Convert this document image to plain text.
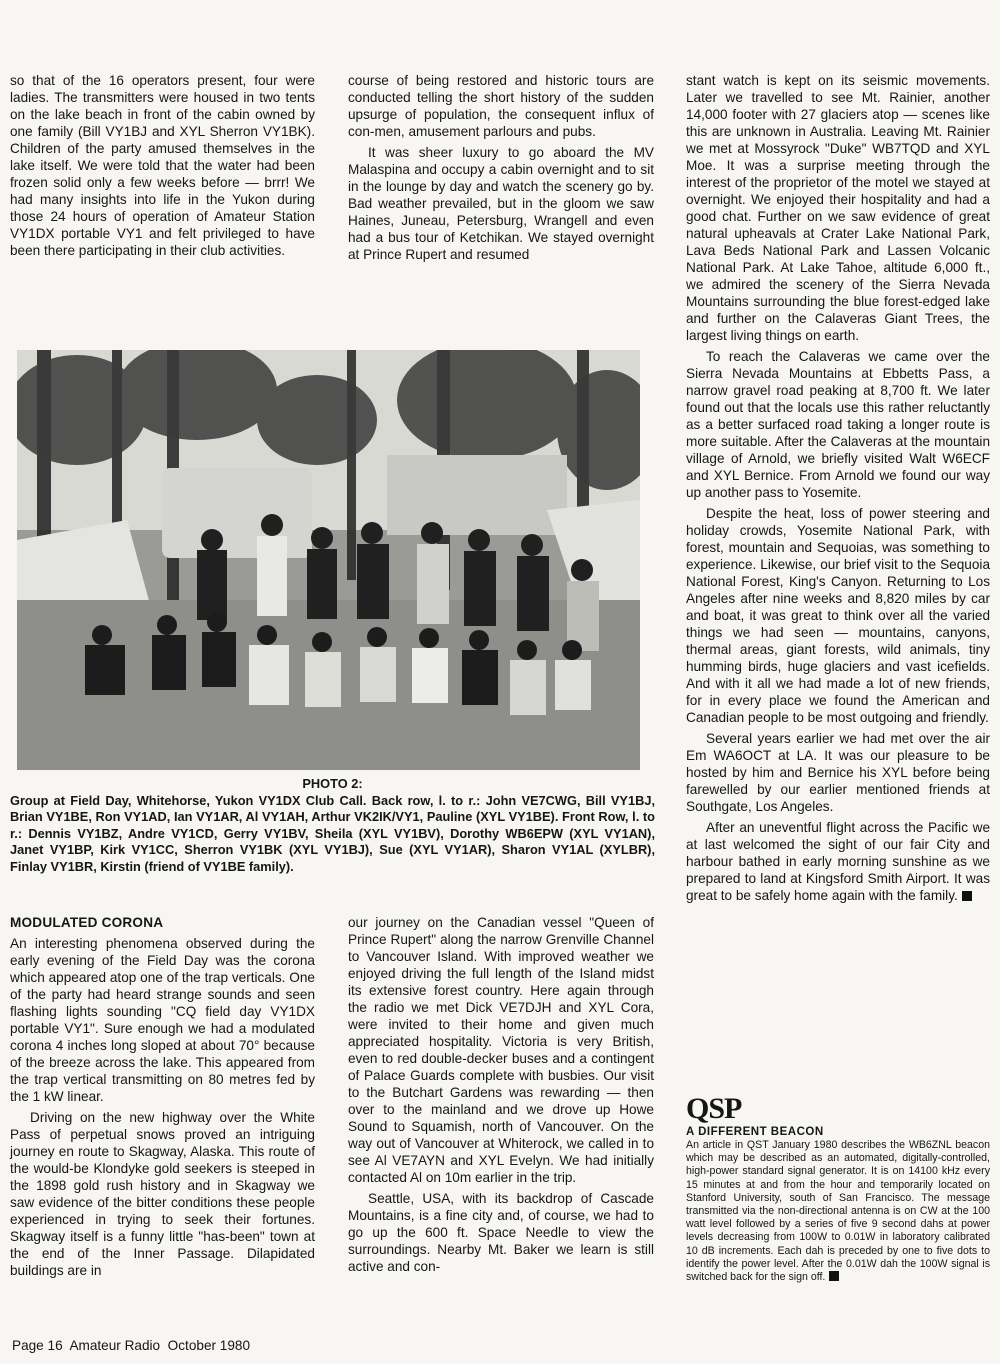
so that of the 16 operators present, four were ladies. The transmitters were housed in two tents on the lake beach in front of the cabin owned by one family (Bill VY1BJ and XYL Sherron VY1BK). Children of the party amused themselves in the lake itself. We were told that the water had been frozen solid only a few weeks before — brrr! We had many insights into life in the Yukon during those 24 hours of operation of Amateur Station VY1DX portable VY1 and felt privileged to have been there participating in their club activities.

course of being restored and historic tours are conducted telling the short history of the sudden upsurge of population, the consequent influx of con-men, amusement parlours and pubs.

It was sheer luxury to go aboard the MV Malaspina and occupy a cabin overnight and to sit in the lounge by day and watch the scenery go by. Bad weather prevailed, but in the gloom we saw Haines, Juneau, Petersburg, Wrangell and even had a bus tour of Ketchikan. We stayed overnight at Prince Rupert and resumed

stant watch is kept on its seismic movements. Later we travelled to see Mt. Rainier, another 14,000 footer with 27 glaciers atop — scenes like this are unknown in Australia. Leaving Mt. Rainier we met at Mossyrock "Duke" WB7TQD and XYL Moe. It was a surprise meeting through the interest of the proprietor of the motel we stayed at overnight. We enjoyed their hospitality and had a good chat. Further on we saw evidence of great natural upheavals at Crater Lake National Park, Lava Beds National Park and Lassen Volcanic National Park. At Lake Tahoe, altitude 6,000 ft., we admired the scenery of the Sierra Nevada Mountains surrounding the blue forest-edged lake and further on the Calaveras Giant Trees, the largest living things on earth.

To reach the Calaveras we came over the Sierra Nevada Mountains at Ebbetts Pass, a narrow gravel road peaking at 8,700 ft. We later found out that the locals use this rather reluctantly as a better surfaced road taking a longer route is more suitable. After the Calaveras at the mountain village of Arnold, we briefly visited Walt W6ECF and XYL Bernice. From Arnold we found our way up another pass to Yosemite.

Despite the heat, loss of power steering and holiday crowds, Yosemite National Park, with forest, mountain and Sequoias, was something to experience. Likewise, our brief visit to the Sequoia National Forest, King's Canyon. Returning to Los Angeles after nine weeks and 8,820 miles by car and boat, it was great to think over all the varied things we had seen — mountains, canyons, thermal areas, giant forests, wild animals, tiny humming birds, huge glaciers and vast icefields. And with it all we had made a lot of new friends, for in every place we found the American and Canadian people to be most outgoing and friendly.

Several years earlier we had met over the air Em WA6OCT at LA. It was our pleasure to be hosted by him and Bernice his XYL before being farewelled by our earlier mentioned friends at Southgate, Los Angeles.

After an uneventful flight across the Pacific we at last welcomed the sight of our fair City and harbour bathed in early morning sunshine as we prepared to land at Kingsford Smith Airport. It was great to be safely home again with the family.

PHOTO 2:
Group at Field Day, Whitehorse, Yukon VY1DX Club Call. Back row, l. to r.: John VE7CWG, Bill VY1BJ, Brian VY1BE, Ron VY1AD, Ian VY1AR, Al VY1AH, Arthur VK2IK/VY1, Pauline (XYL VY1BE). Front Row, l. to r.: Dennis VY1BZ, Andre VY1CD, Gerry VY1BV, Sheila (XYL VY1BV), Dorothy WB6EPW (XYL VY1AN), Janet VY1BP, Kirk VY1CC, Sherron VY1BK (XYL VY1BJ), Sue (XYL VY1AR), Sharon VY1AL (XYLBR), Finlay VY1BR, Kirstin (friend of VY1BE family).

MODULATED CORONA

An interesting phenomena observed during the early evening of the Field Day was the corona which appeared atop one of the trap verticals. One of the party had heard strange sounds and seen flashing lights sounding "CQ field day VY1DX portable VY1". Sure enough we had a modulated corona 4 inches long sloped at about 70° because of the breeze across the lake. This appeared from the trap vertical transmitting on 80 metres fed by the 1 kW linear.

Driving on the new highway over the White Pass of perpetual snows proved an intriguing journey en route to Skagway, Alaska. This route of the would-be Klondyke gold seekers is steeped in the 1898 gold rush history and in Skagway we saw evidence of the bitter conditions these people experienced in trying to seek their fortunes. Skagway itself is a funny little "has-been" town at the end of the Inner Passage. Dilapidated buildings are in

our journey on the Canadian vessel "Queen of Prince Rupert" along the narrow Grenville Channel to Vancouver Island. With improved weather we enjoyed driving the full length of the Island midst its extensive forest country. Here again through the radio we met Dick VE7DJH and XYL Cora, were invited to their home and given much appreciated hospitality. Victoria is very British, even to red double-decker buses and a contingent of Palace Guards complete with busbies. Our visit to the Butchart Gardens was rewarding — then over to the mainland and we drove up Howe Sound to Squamish, north of Vancouver. On the way out of Vancouver at Whiterock, we called in to see Al VE7AYN and XYL Evelyn. We had initially contacted Al on 10m earlier in the trip.

Seattle, USA, with its backdrop of Cascade Mountains, is a fine city and, of course, we had to go up the 600 ft. Space Needle to view the surroundings. Nearby Mt. Baker we learn is still active and con-

QSP
A DIFFERENT BEACON

An article in QST January 1980 describes the WB6ZNL beacon which may be described as an automated, digitally-controlled, high-power standard signal generator. It is on 14100 kHz every 15 minutes at and from the hour and temporarily located on Stanford University, south of San Francisco. The message transmitted via the non-directional antenna is on CW at the 100 watt level followed by a series of five 9 second dahs at power levels decreasing from 100W to 0.01W in laboratory calibrated 10 dB increments. Each dah is preceded by one to five dots to identify the power level. After the 0.01W dah the 100W signal is switched back for the sign off.

Page 16  Amateur Radio  October 1980
